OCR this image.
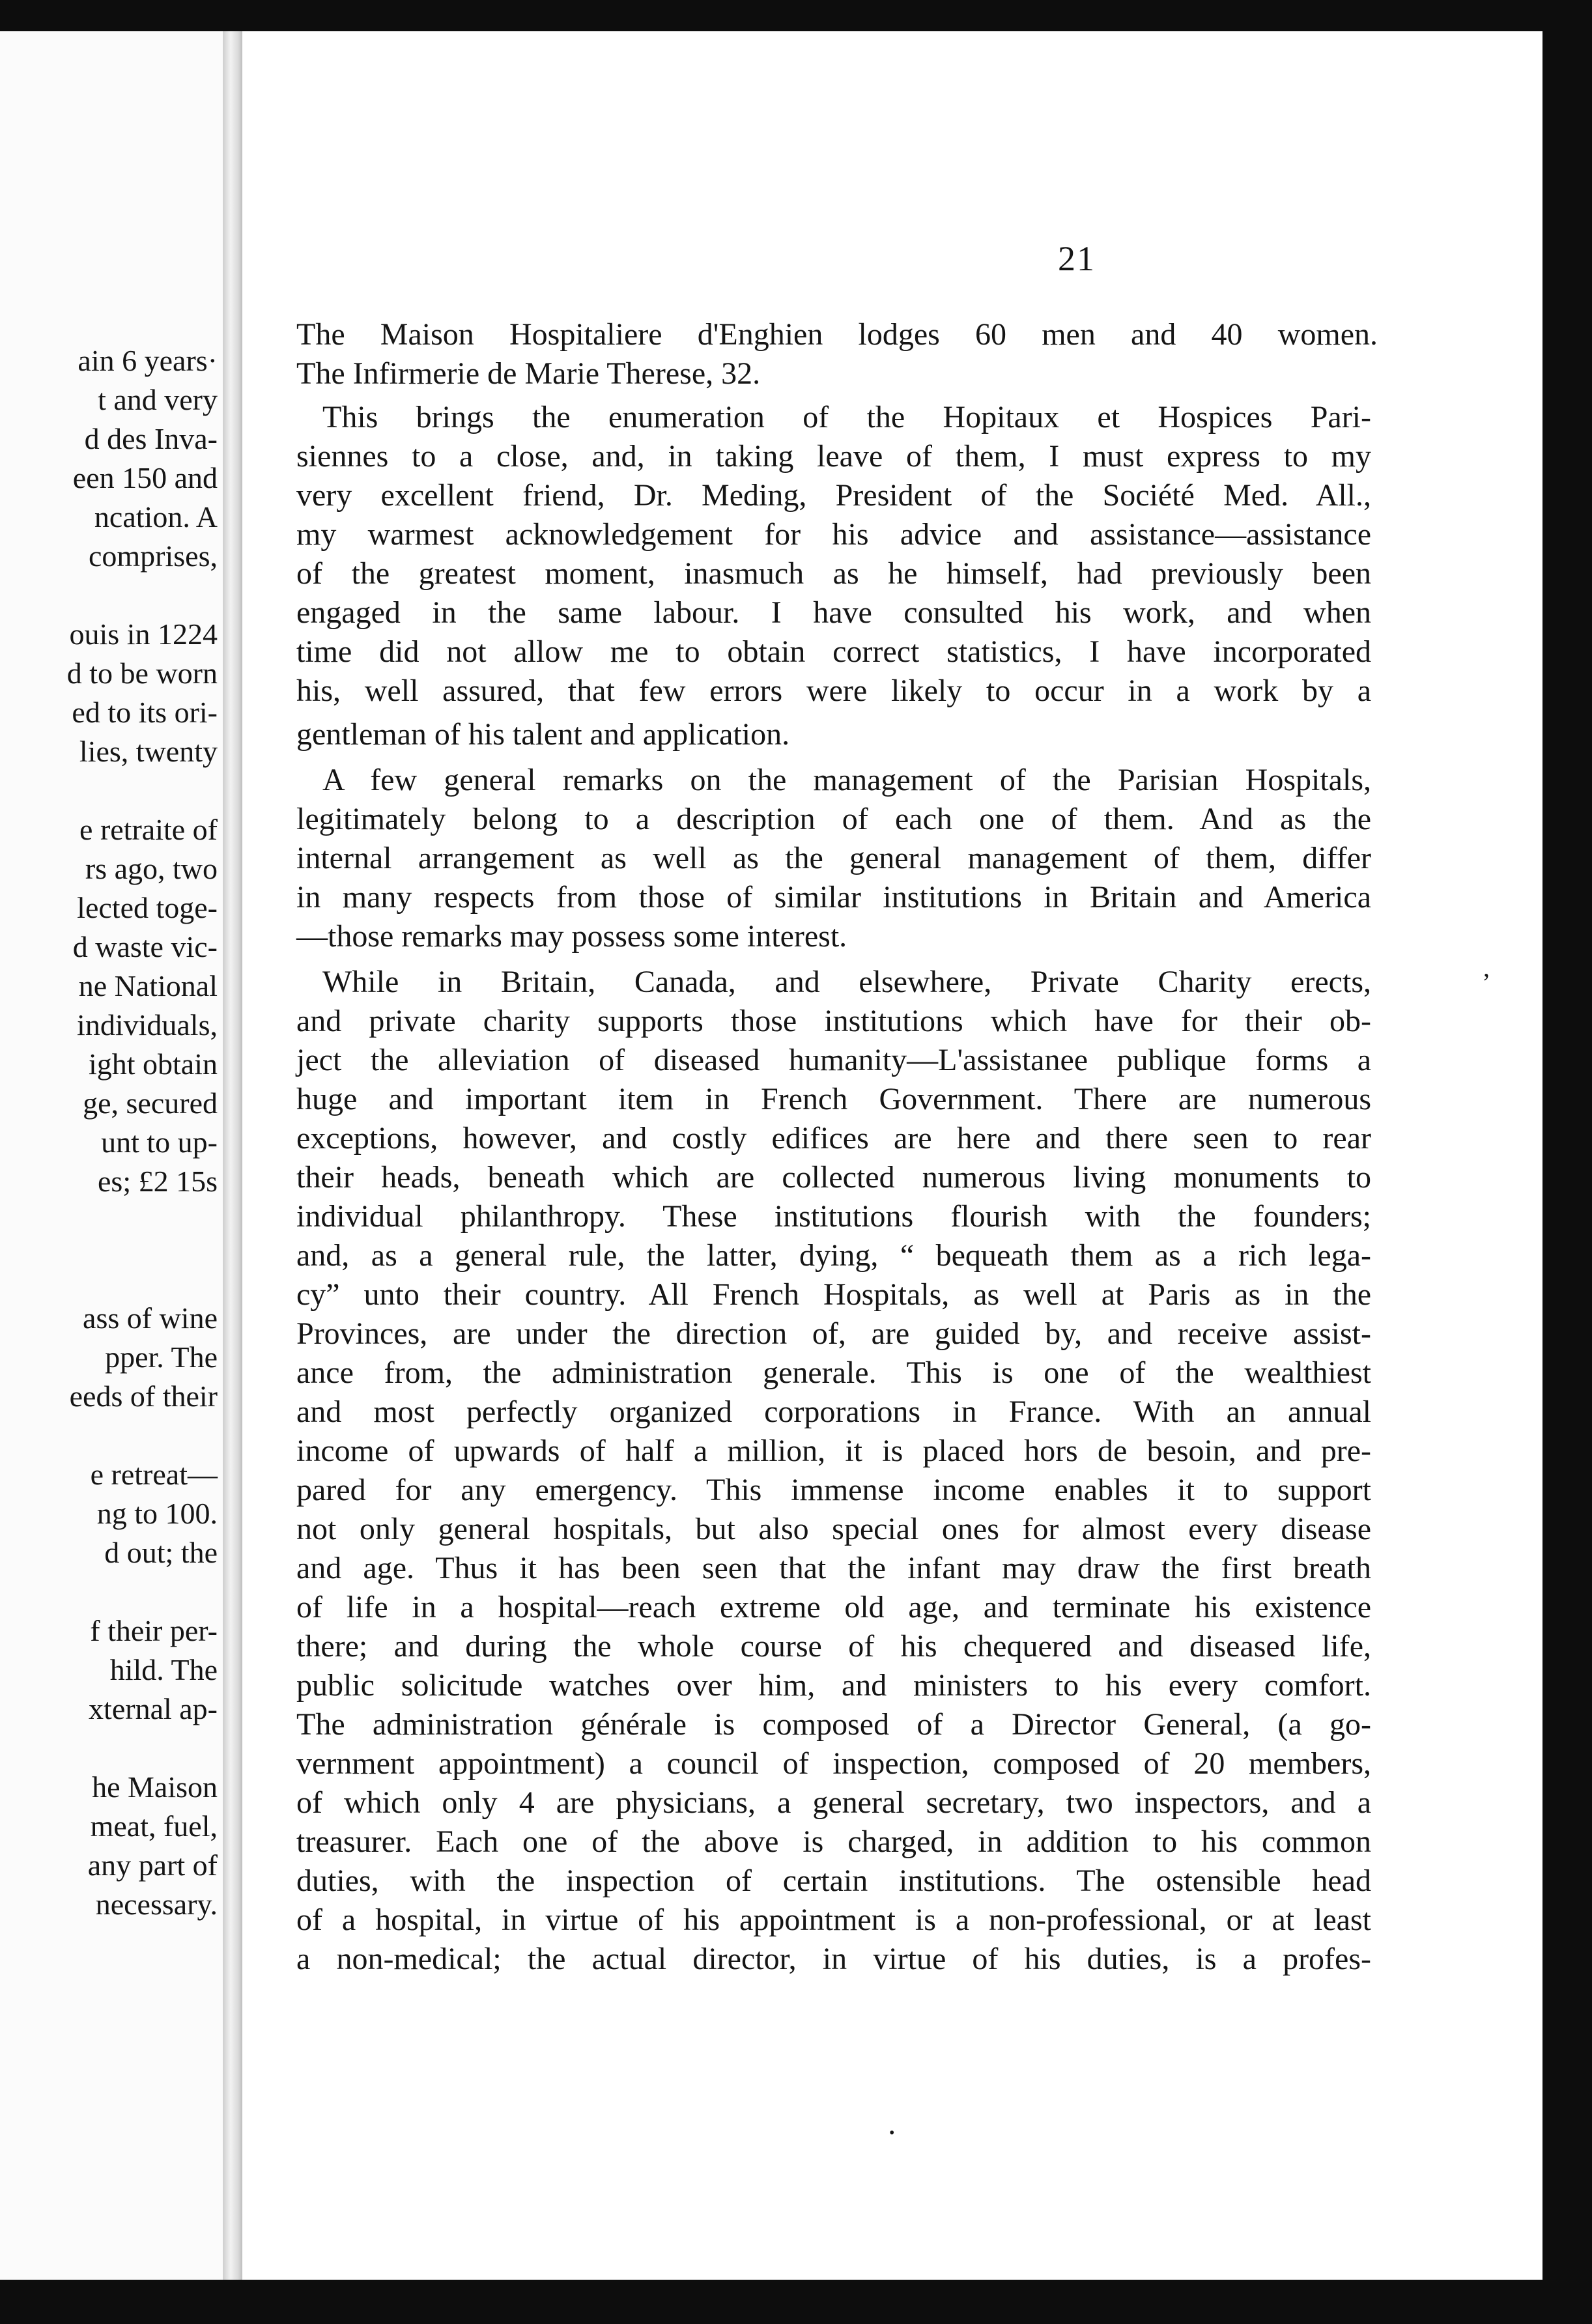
ain 6 years·
t and very
d des Inva-
een 150 and
ncation. A
comprises,
ouis in 1224
d to be worn
ed to its ori-
lies, twenty
e retraite of
rs ago, two
lected toge-
d waste vic-
ne National
individuals,
ight obtain
ge, secured
unt to up-
es; £2 15s
ass of wine
pper. The
eeds of their
e retreat—
ng to 100.
d out; the
f their per-
hild. The
xternal ap-
he Maison
meat, fuel,
any part of
necessary.
21
The Maison Hospitaliere d'Enghien lodges 60 men and 40 women.
The Infirmerie de Marie Therese, 32.
This brings the enumeration of the Hopitaux et Hospices Pari-
siennes to a close, and, in taking leave of them, I must express to my
very excellent friend, Dr. Meding, President of the Société Med. All.,
my warmest acknowledgement for his advice and assistance—assistance
of the greatest moment, inasmuch as he himself, had previously been
engaged in the same labour. I have consulted his work, and when
time did not allow me to obtain correct statistics, I have incorporated
his, well assured, that few errors were likely to occur in a work by a
gentleman of his talent and application.
A few general remarks on the management of the Parisian Hospitals,
legitimately belong to a description of each one of them. And as the
internal arrangement as well as the general management of them, differ
in many respects from those of similar institutions in Britain and America
—those remarks may possess some interest.
While in Britain, Canada, and elsewhere, Private Charity erects,
and private charity supports those institutions which have for their ob-
ject the alleviation of diseased humanity—L'assistanee publique forms a
huge and important item in French Government. There are numerous
exceptions, however, and costly edifices are here and there seen to rear
their heads, beneath which are collected numerous living monuments to
individual philanthropy. These institutions flourish with the founders;
and, as a general rule, the latter, dying, “ bequeath them as a rich lega-
cy” unto their country. All French Hospitals, as well at Paris as in the
Provinces, are under the direction of, are guided by, and receive assist-
ance from, the administration generale. This is one of the wealthiest
and most perfectly organized corporations in France. With an annual
income of upwards of half a million, it is placed hors de besoin, and pre-
pared for any emergency. This immense income enables it to support
not only general hospitals, but also special ones for almost every disease
and age. Thus it has been seen that the infant may draw the first breath
of life in a hospital—reach extreme old age, and terminate his existence
there; and during the whole course of his chequered and diseased life,
public solicitude watches over him, and ministers to his every comfort.
The administration générale is composed of a Director General, (a go-
vernment appointment) a council of inspection, composed of 20 members,
of which only 4 are physicians, a general secretary, two inspectors, and a
treasurer. Each one of the above is charged, in addition to his common
duties, with the inspection of certain institutions. The ostensible head
of a hospital, in virtue of his appointment is a non-professional, or at least
a non-medical; the actual director, in virtue of his duties, is a profes-
‚
•
